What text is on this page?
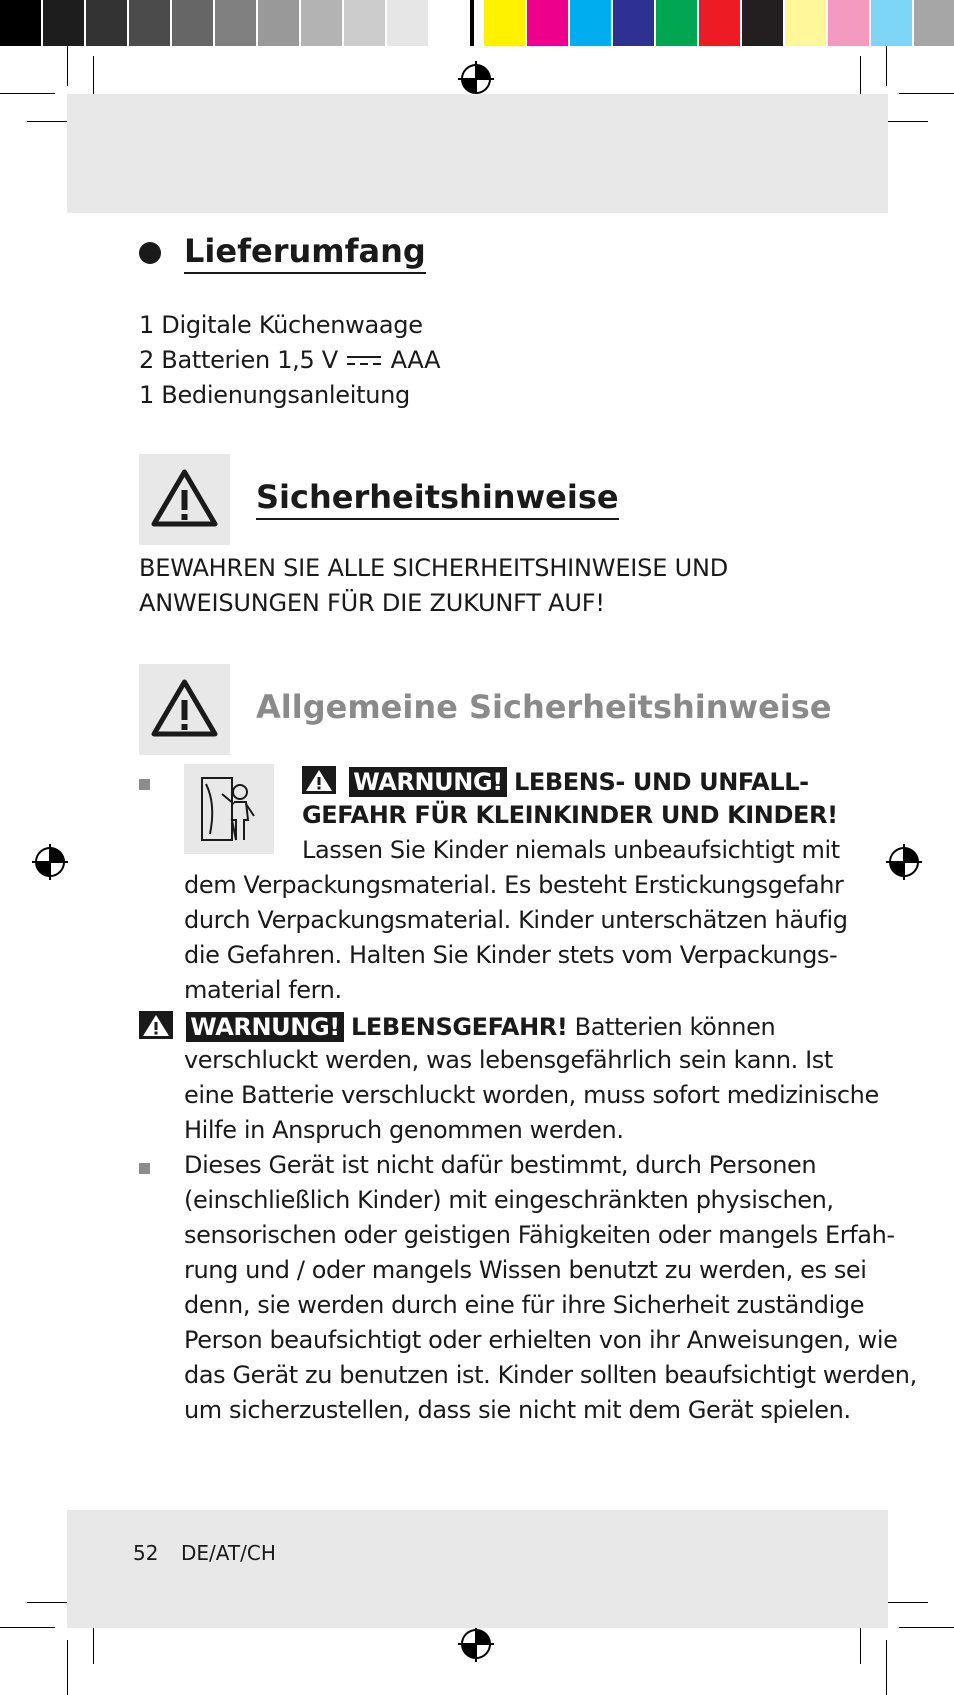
Lieferumfang
1 Digitale Küchenwaage
2 Batterien 1,5 V AAA
1 Bedienungsanleitung
Sicherheitshinweise
BEWAHREN SIE ALLE SICHERHEITSHINWEISE UND
ANWEISUNGEN FÜR DIE ZUKUNFT AUF!
Allgemeine Sicherheitshinweise
WARNUNG! LEBENS- UND UNFALL-
GEFAHR FÜR KLEINKINDER UND KINDER!
Lassen Sie Kinder niemals unbeaufsichtigt mit
dem Verpackungsmaterial. Es besteht Erstickungsgefahr
durch Verpackungsmaterial. Kinder unterschätzen häufig
die Gefahren. Halten Sie Kinder stets vom Verpackungs-
material fern.
WARNUNG! LEBENSGEFAHR! Batterien können
verschluckt werden, was lebensgefährlich sein kann. Ist
eine Batterie verschluckt worden, muss sofort medizinische
Hilfe in Anspruch genommen werden.
Dieses Gerät ist nicht dafür bestimmt, durch Personen
(einschließlich Kinder) mit eingeschränkten physischen,
sensorischen oder geistigen Fähigkeiten oder mangels Erfah-
rung und / oder mangels Wissen benutzt zu werden, es sei
denn, sie werden durch eine für ihre Sicherheit zuständige
Person beaufsichtigt oder erhielten von ihr Anweisungen, wie
das Gerät zu benutzen ist. Kinder sollten beaufsichtigt werden,
um sicherzustellen, dass sie nicht mit dem Gerät spielen.
52 DE/AT/CH
